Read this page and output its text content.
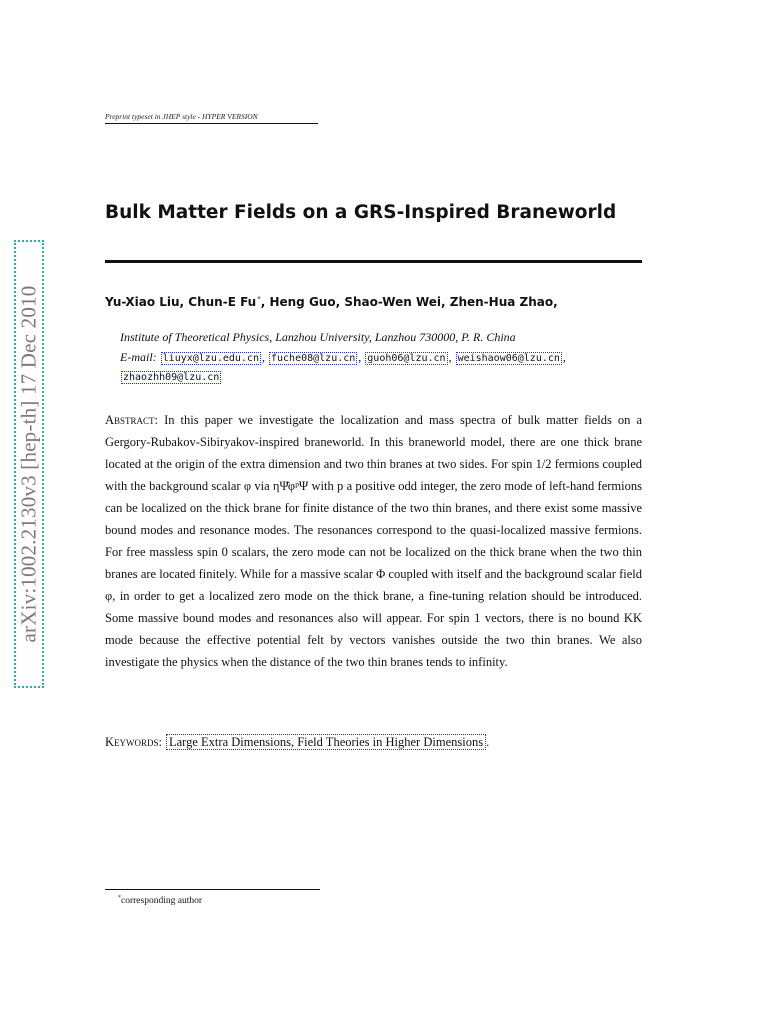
arXiv:1002.2130v3 [hep-th] 17 Dec 2010
Preprint typeset in JHEP style - HYPER VERSION
Bulk Matter Fields on a GRS-Inspired Braneworld
Yu-Xiao Liu, Chun-E Fu*, Heng Guo, Shao-Wen Wei, Zhen-Hua Zhao,
Institute of Theoretical Physics, Lanzhou University, Lanzhou 730000, P. R. China
E-mail: liuyx@lzu.edu.cn , fuche08@lzu.cn , guoh06@lzu.cn , weishaow06@lzu.cn ,
zhaozhh09@lzu.cn
Abstract: In this paper we investigate the localization and mass spectra of bulk matter fields on a Gergory-Rubakov-Sibiryakov-inspired braneworld. In this braneworld model, there are one thick brane located at the origin of the extra dimension and two thin branes at two sides. For spin 1/2 fermions coupled with the background scalar φ via ηΨ̄φᵖΨ with p a positive odd integer, the zero mode of left-hand fermions can be localized on the thick brane for finite distance of the two thin branes, and there exist some massive bound modes and resonance modes. The resonances correspond to the quasi-localized massive fermions. For free massless spin 0 scalars, the zero mode can not be localized on the thick brane when the two thin branes are located finitely. While for a massive scalar Φ coupled with itself and the background scalar field φ, in order to get a localized zero mode on the thick brane, a fine-tuning relation should be introduced. Some massive bound modes and resonances also will appear. For spin 1 vectors, there is no bound KK mode because the effective potential felt by vectors vanishes outside the two thin branes. We also investigate the physics when the distance of the two thin branes tends to infinity.
Keywords: Large Extra Dimensions, Field Theories in Higher Dimensions .
*corresponding author
